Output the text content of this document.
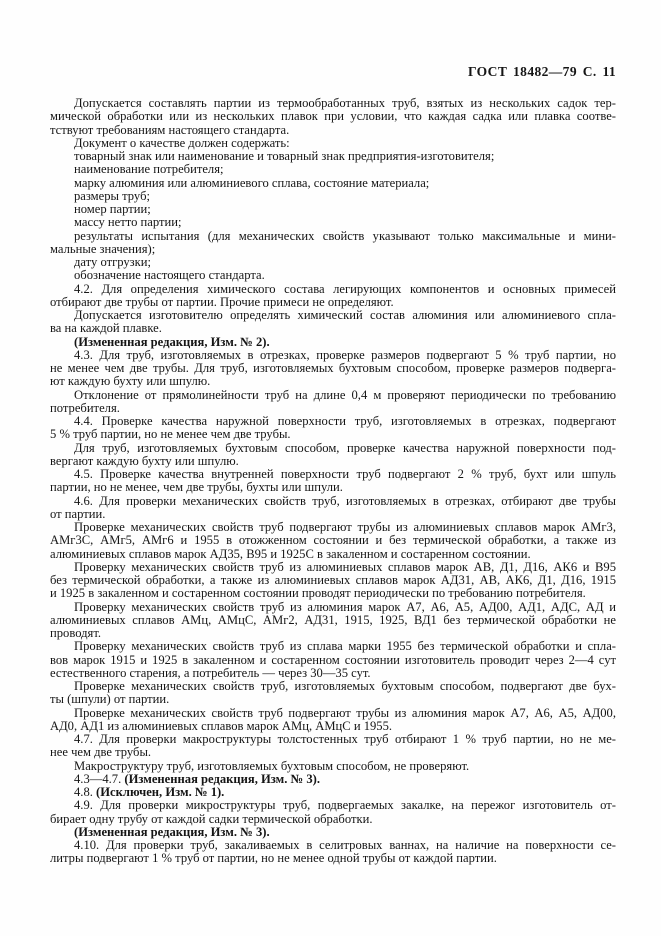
ГОСТ 18482—79 С. 11
Допускается составлять партии из термообработанных труб, взятых из нескольких садок тер-
мической обработки или из нескольких плавок при условии, что каждая садка или плавка соотве-
тствуют требованиям настоящего стандарта.
Документ о качестве должен содержать:
товарный знак или наименование и товарный знак предприятия-изготовителя;
наименование потребителя;
марку алюминия или алюминиевого сплава, состояние материала;
размеры труб;
номер партии;
массу нетто партии;
результаты испытания (для механических свойств указывают только максимальные и мини-
мальные значения);
дату отгрузки;
обозначение настоящего стандарта.
4.2. Для определения химического состава легирующих компонентов и основных примесей
отбирают две трубы от партии. Прочие примеси не определяют.
Допускается изготовителю определять химический состав алюминия или алюминиевого спла-
ва на каждой плавке.
(Измененная редакция, Изм. № 2).
4.3. Для труб, изготовляемых в отрезках, проверке размеров подвергают 5 % труб партии, но
не менее чем две трубы. Для труб, изготовляемых бухтовым способом, проверке размеров подверга-
ют каждую бухту или шпулю.
Отклонение от прямолинейности труб на длине 0,4 м проверяют периодически по требованию
потребителя.
4.4. Проверке качества наружной поверхности труб, изготовляемых в отрезках, подвергают
5 % труб партии, но не менее чем две трубы.
Для труб, изготовляемых бухтовым способом, проверке качества наружной поверхности под-
вергают каждую бухту или шпулю.
4.5. Проверке качества внутренней поверхности труб подвергают 2 % труб, бухт или шпуль
партии, но не менее, чем две трубы, бухты или шпули.
4.6. Для проверки механических свойств труб, изготовляемых в отрезках, отбирают две трубы
от партии.
Проверке механических свойств труб подвергают трубы из алюминиевых сплавов марок АМг3,
АМг3С, АМг5, АМг6 и 1955 в отожженном состоянии и без термической обработки, а также из
алюминиевых сплавов марок АД35, В95 и 1925С в закаленном и состаренном состоянии.
Проверку механических свойств труб из алюминиевых сплавов марок АВ, Д1, Д16, АК6 и В95
без термической обработки, а также из алюминиевых сплавов марок АД31, АВ, АК6, Д1, Д16, 1915
и 1925 в закаленном и состаренном состоянии проводят периодически по требованию потребителя.
Проверку механических свойств труб из алюминия марок А7, А6, А5, АД00, АД1, АДС, АД и
алюминиевых сплавов АМц, АМцС, АМг2, АД31, 1915, 1925, ВД1 без термической обработки не
проводят.
Проверку механических свойств труб из сплава марки 1955 без термической обработки и спла-
вов марок 1915 и 1925 в закаленном и состаренном состоянии изготовитель проводит через 2—4 сут
естественного старения, а потребитель — через 30—35 сут.
Проверке механических свойств труб, изготовляемых бухтовым способом, подвергают две бух-
ты (шпули) от партии.
Проверке механических свойств труб подвергают трубы из алюминия марок А7, А6, А5, АД00,
АД0, АД1 из алюминиевых сплавов марок АМц, АМцС и 1955.
4.7. Для проверки макроструктуры толстостенных труб отбирают 1 % труб партии, но не ме-
нее чем две трубы.
Макроструктуру труб, изготовляемых бухтовым способом, не проверяют.
4.3—4.7. (Измененная редакция, Изм. № 3).
4.8. (Исключен, Изм. № 1).
4.9. Для проверки микроструктуры труб, подвергаемых закалке, на пережог изготовитель от-
бирает одну трубу от каждой садки термической обработки.
(Измененная редакция, Изм. № 3).
4.10. Для проверки труб, закаливаемых в селитровых ваннах, на наличие на поверхности се-
литры подвергают 1 % труб от партии, но не менее одной трубы от каждой партии.
